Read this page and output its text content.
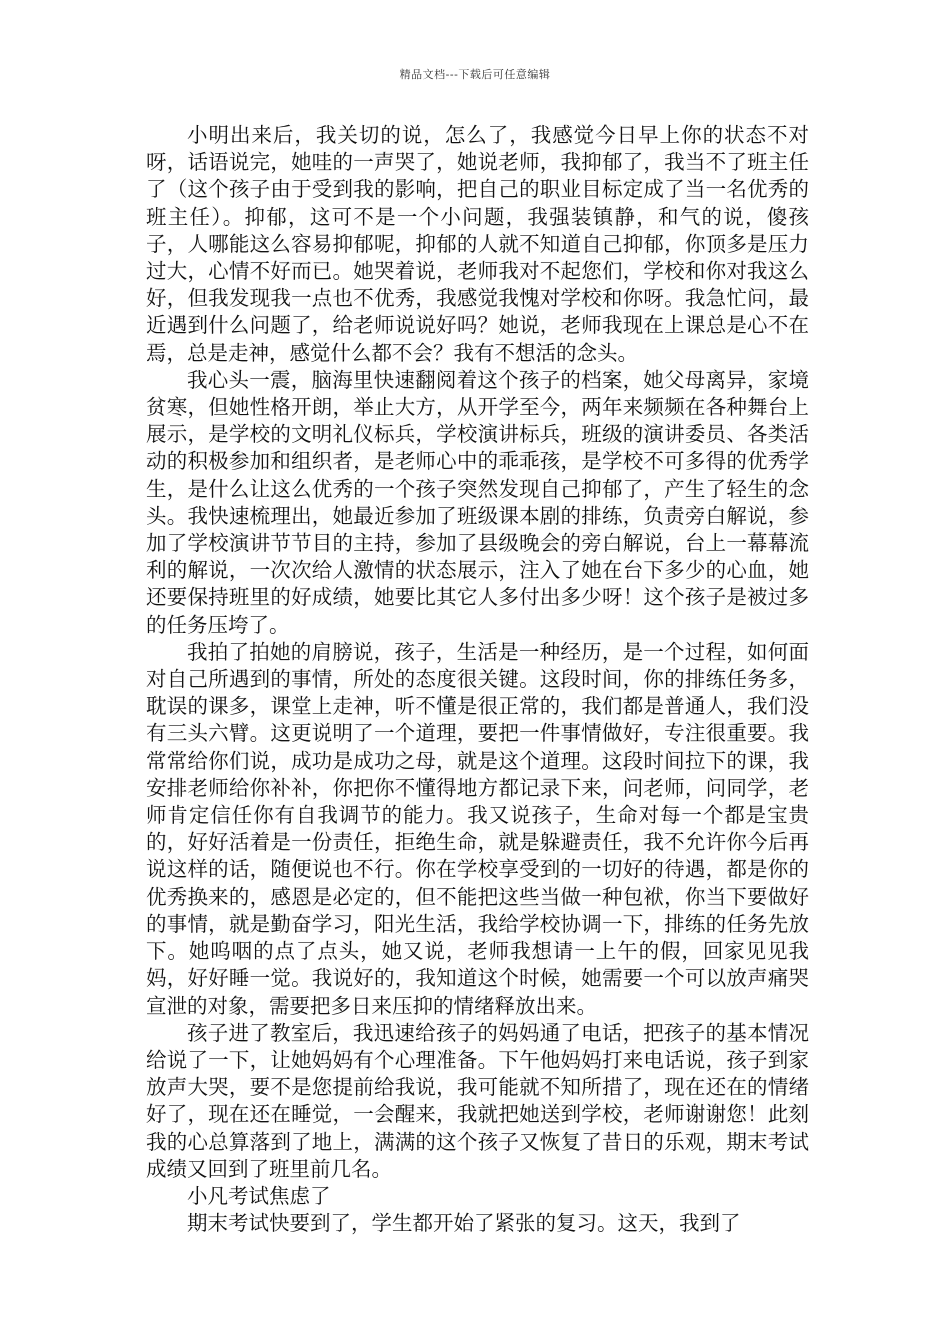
精品文档---下载后可任意编辑

小明出来后，我关切的说，怎么了，我感觉今日早上你的状态不对呀，话语说完，她哇的一声哭了，她说老师，我抑郁了，我当不了班主任了（这个孩子由于受到我的影响，把自己的职业目标定成了当一名优秀的班主任）。抑郁，这可不是一个小问题，我强装镇静，和气的说，傻孩子，人哪能这么容易抑郁呢，抑郁的人就不知道自己抑郁，你顶多是压力过大，心情不好而已。她哭着说，老师我对不起您们，学校和你对我这么好，但我发现我一点也不优秀，我感觉我愧对学校和你呀。我急忙问，最近遇到什么问题了，给老师说说好吗？她说，老师我现在上课总是心不在焉，总是走神，感觉什么都不会？我有不想活的念头。

我心头一震，脑海里快速翻阅着这个孩子的档案，她父母离异，家境贫寒，但她性格开朗，举止大方，从开学至今，两年来频频在各种舞台上展示，是学校的文明礼仪标兵，学校演讲标兵，班级的演讲委员、各类活动的积极参加和组织者，是老师心中的乖乖孩，是学校不可多得的优秀学生，是什么让这么优秀的一个孩子突然发现自己抑郁了，产生了轻生的念头。我快速梳理出，她最近参加了班级课本剧的排练，负责旁白解说，参加了学校演讲节节目的主持，参加了县级晚会的旁白解说，台上一幕幕流利的解说，一次次给人激情的状态展示，注入了她在台下多少的心血，她还要保持班里的好成绩，她要比其它人多付出多少呀！这个孩子是被过多的任务压垮了。

我拍了拍她的肩膀说，孩子，生活是一种经历，是一个过程，如何面对自己所遇到的事情，所处的态度很关键。这段时间，你的排练任务多，耽误的课多，课堂上走神，听不懂是很正常的，我们都是普通人，我们没有三头六臂。这更说明了一个道理，要把一件事情做好，专注很重要。我常常给你们说，成功是成功之母，就是这个道理。这段时间拉下的课，我安排老师给你补补，你把你不懂得地方都记录下来，问老师，问同学，老师肯定信任你有自我调节的能力。我又说孩子，生命对每一个都是宝贵的，好好活着是一份责任，拒绝生命，就是躲避责任，我不允许你今后再说这样的话，随便说也不行。你在学校享受到的一切好的待遇，都是你的优秀换来的，感恩是必定的，但不能把这些当做一种包袱，你当下要做好的事情，就是勤奋学习，阳光生活，我给学校协调一下，排练的任务先放下。她呜咽的点了点头，她又说，老师我想请一上午的假，回家见见我妈，好好睡一觉。我说好的，我知道这个时候，她需要一个可以放声痛哭宣泄的对象，需要把多日来压抑的情绪释放出来。

孩子进了教室后，我迅速给孩子的妈妈通了电话，把孩子的基本情况给说了一下，让她妈妈有个心理准备。下午他妈妈打来电话说，孩子到家放声大哭，要不是您提前给我说，我可能就不知所措了，现在还在的情绪好了，现在还在睡觉，一会醒来，我就把她送到学校，老师谢谢您！此刻我的心总算落到了地上，满满的这个孩子又恢复了昔日的乐观，期末考试成绩又回到了班里前几名。

小凡考试焦虑了

期末考试快要到了，学生都开始了紧张的复习。这天，我到了
